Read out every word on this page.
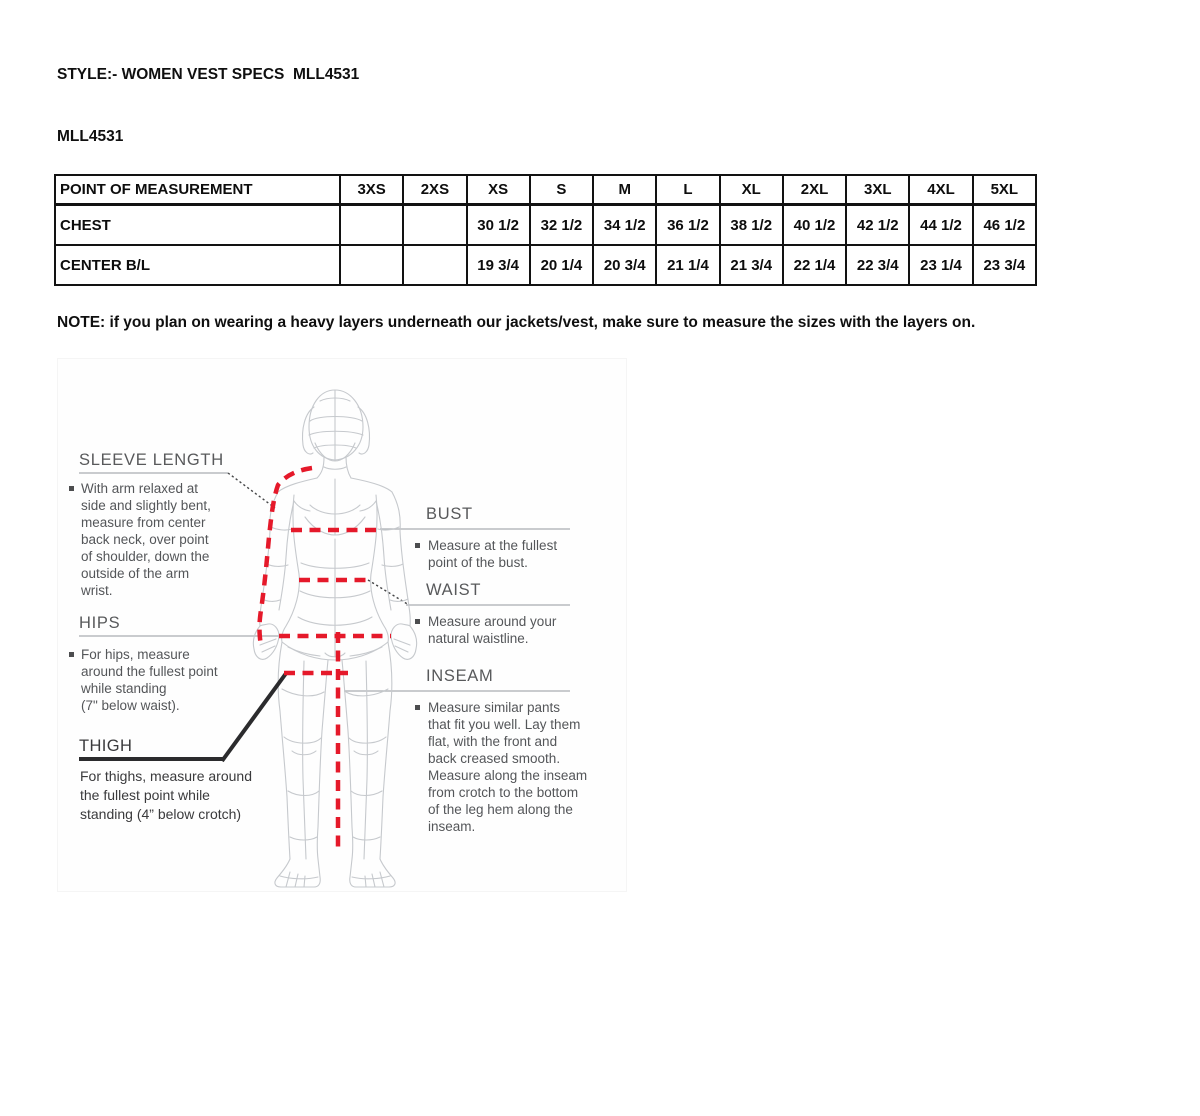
STYLE:- WOMEN VEST SPECS  MLL4531
MLL4531
POINT OF MEASUREMENT	3XS	2XS	XS	S	M	L	XL	2XL	3XL	4XL	5XL
CHEST			30 1/2	32 1/2	34 1/2	36 1/2	38 1/2	40 1/2	42 1/2	44 1/2	46 1/2
CENTER B/L			19 3/4	20 1/4	20 3/4	21 1/4	21 3/4	22 1/4	22 3/4	23 1/4	23 3/4
NOTE: if you plan on wearing a heavy layers underneath our jackets/vest, make sure to measure the sizes with the layers on.
SLEEVE LENGTH
With arm relaxed at
side and slightly bent,
measure from center
back neck, over point
of shoulder, down the
outside of the arm
wrist.
HIPS
For hips, measure
around the fullest point
while standing
(7" below waist).
THIGH
For thighs, measure around
the fullest point while
standing (4” below crotch)
BUST
Measure at the fullest
point of the bust.
WAIST
Measure around your
natural waistline.
INSEAM
Measure similar pants
that fit you well. Lay them
flat, with the front and
back creased smooth.
Measure along the inseam
from crotch to the bottom
of the leg hem along the
inseam.
